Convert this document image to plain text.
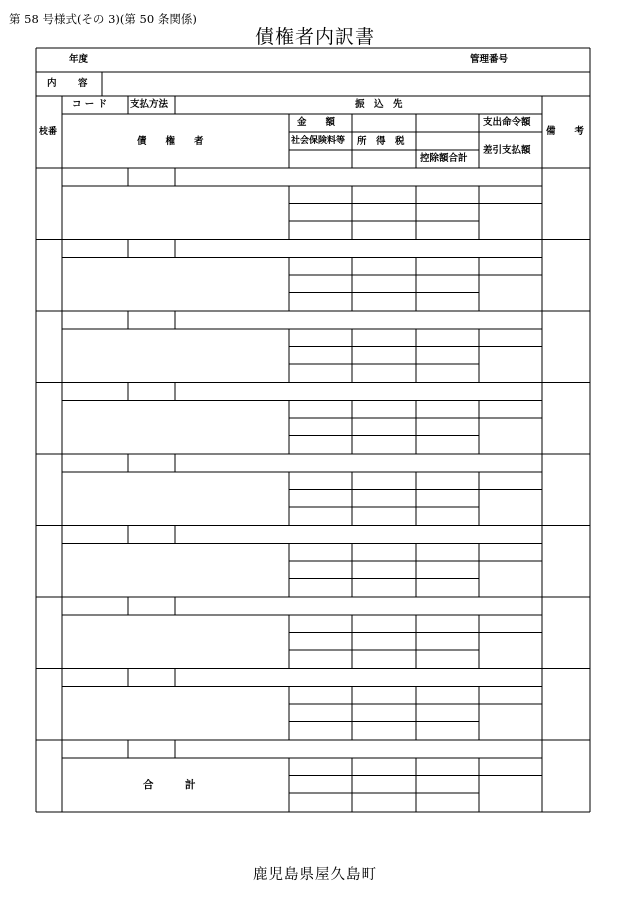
第 58 号様式(その 3)(第 50 条関係)
債権者内訳書
年度	管理番号
内　容
枝番
コ ー ド 支払方法	振　込　先
債　　権　　者
金　　額
社会保険料等 所　得　税
控除額合計
支出命令額
差引支払額
備　　考
合　　　計
鹿児島県屋久島町
